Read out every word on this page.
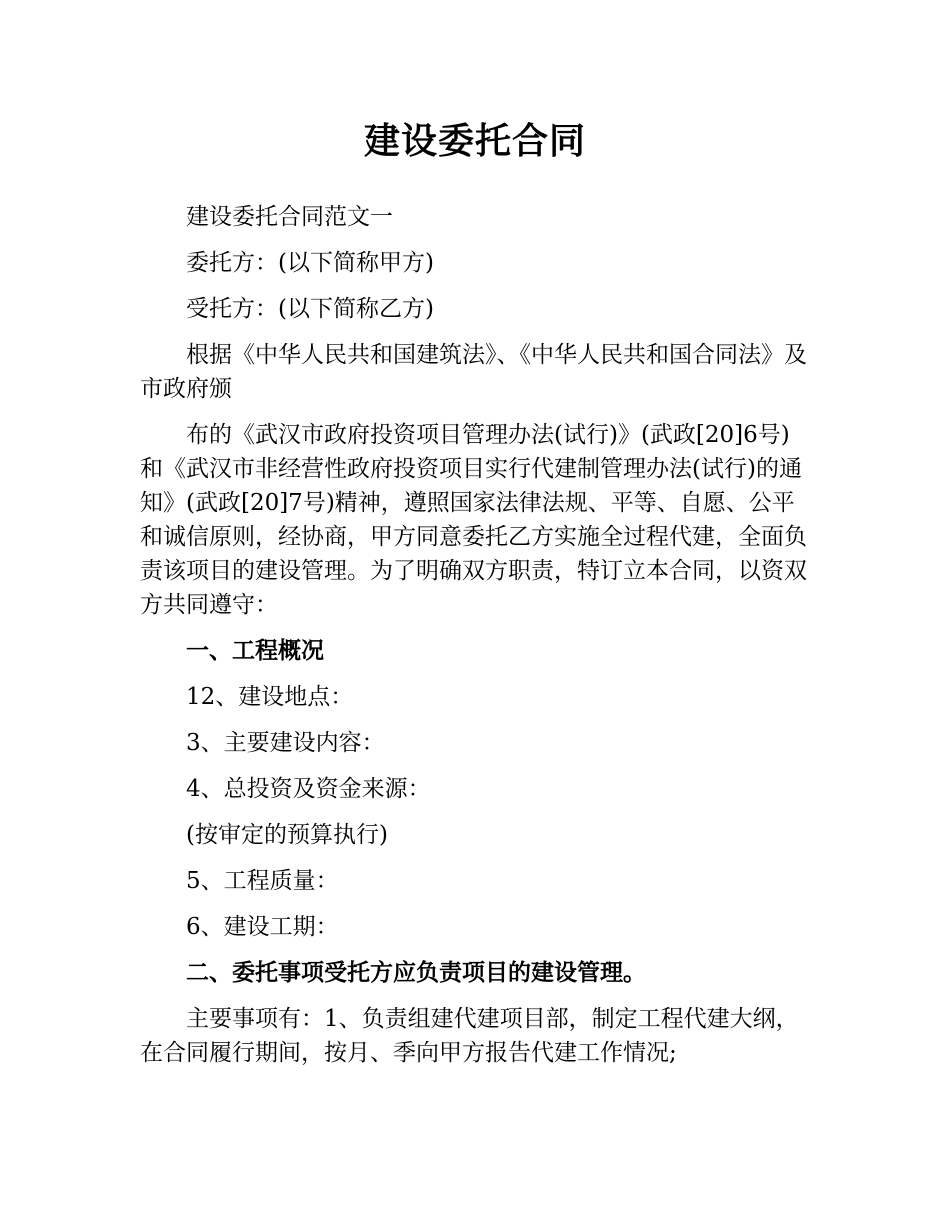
建设委托合同

建设委托合同范文一

委托方：(以下简称甲方)

受托方：(以下简称乙方)

根据《中华人民共和国建筑法》、《中华人民共和国合同法》及市政府颁

布的《武汉市政府投资项目管理办法(试行)》(武政[20]6号)和《武汉市非经营性政府投资项目实行代建制管理办法(试行)的通知》(武政[20]7号)精神，遵照国家法律法规、平等、自愿、公平和诚信原则，经协商，甲方同意委托乙方实施全过程代建，全面负责该项目的建设管理。为了明确双方职责，特订立本合同，以资双方共同遵守：

一、工程概况

12、建设地点：

3、主要建设内容：

4、总投资及资金来源：

(按审定的预算执行)

5、工程质量：

6、建设工期：

二、委托事项受托方应负责项目的建设管理。

主要事项有：1、负责组建代建项目部，制定工程代建大纲，在合同履行期间，按月、季向甲方报告代建工作情况;
